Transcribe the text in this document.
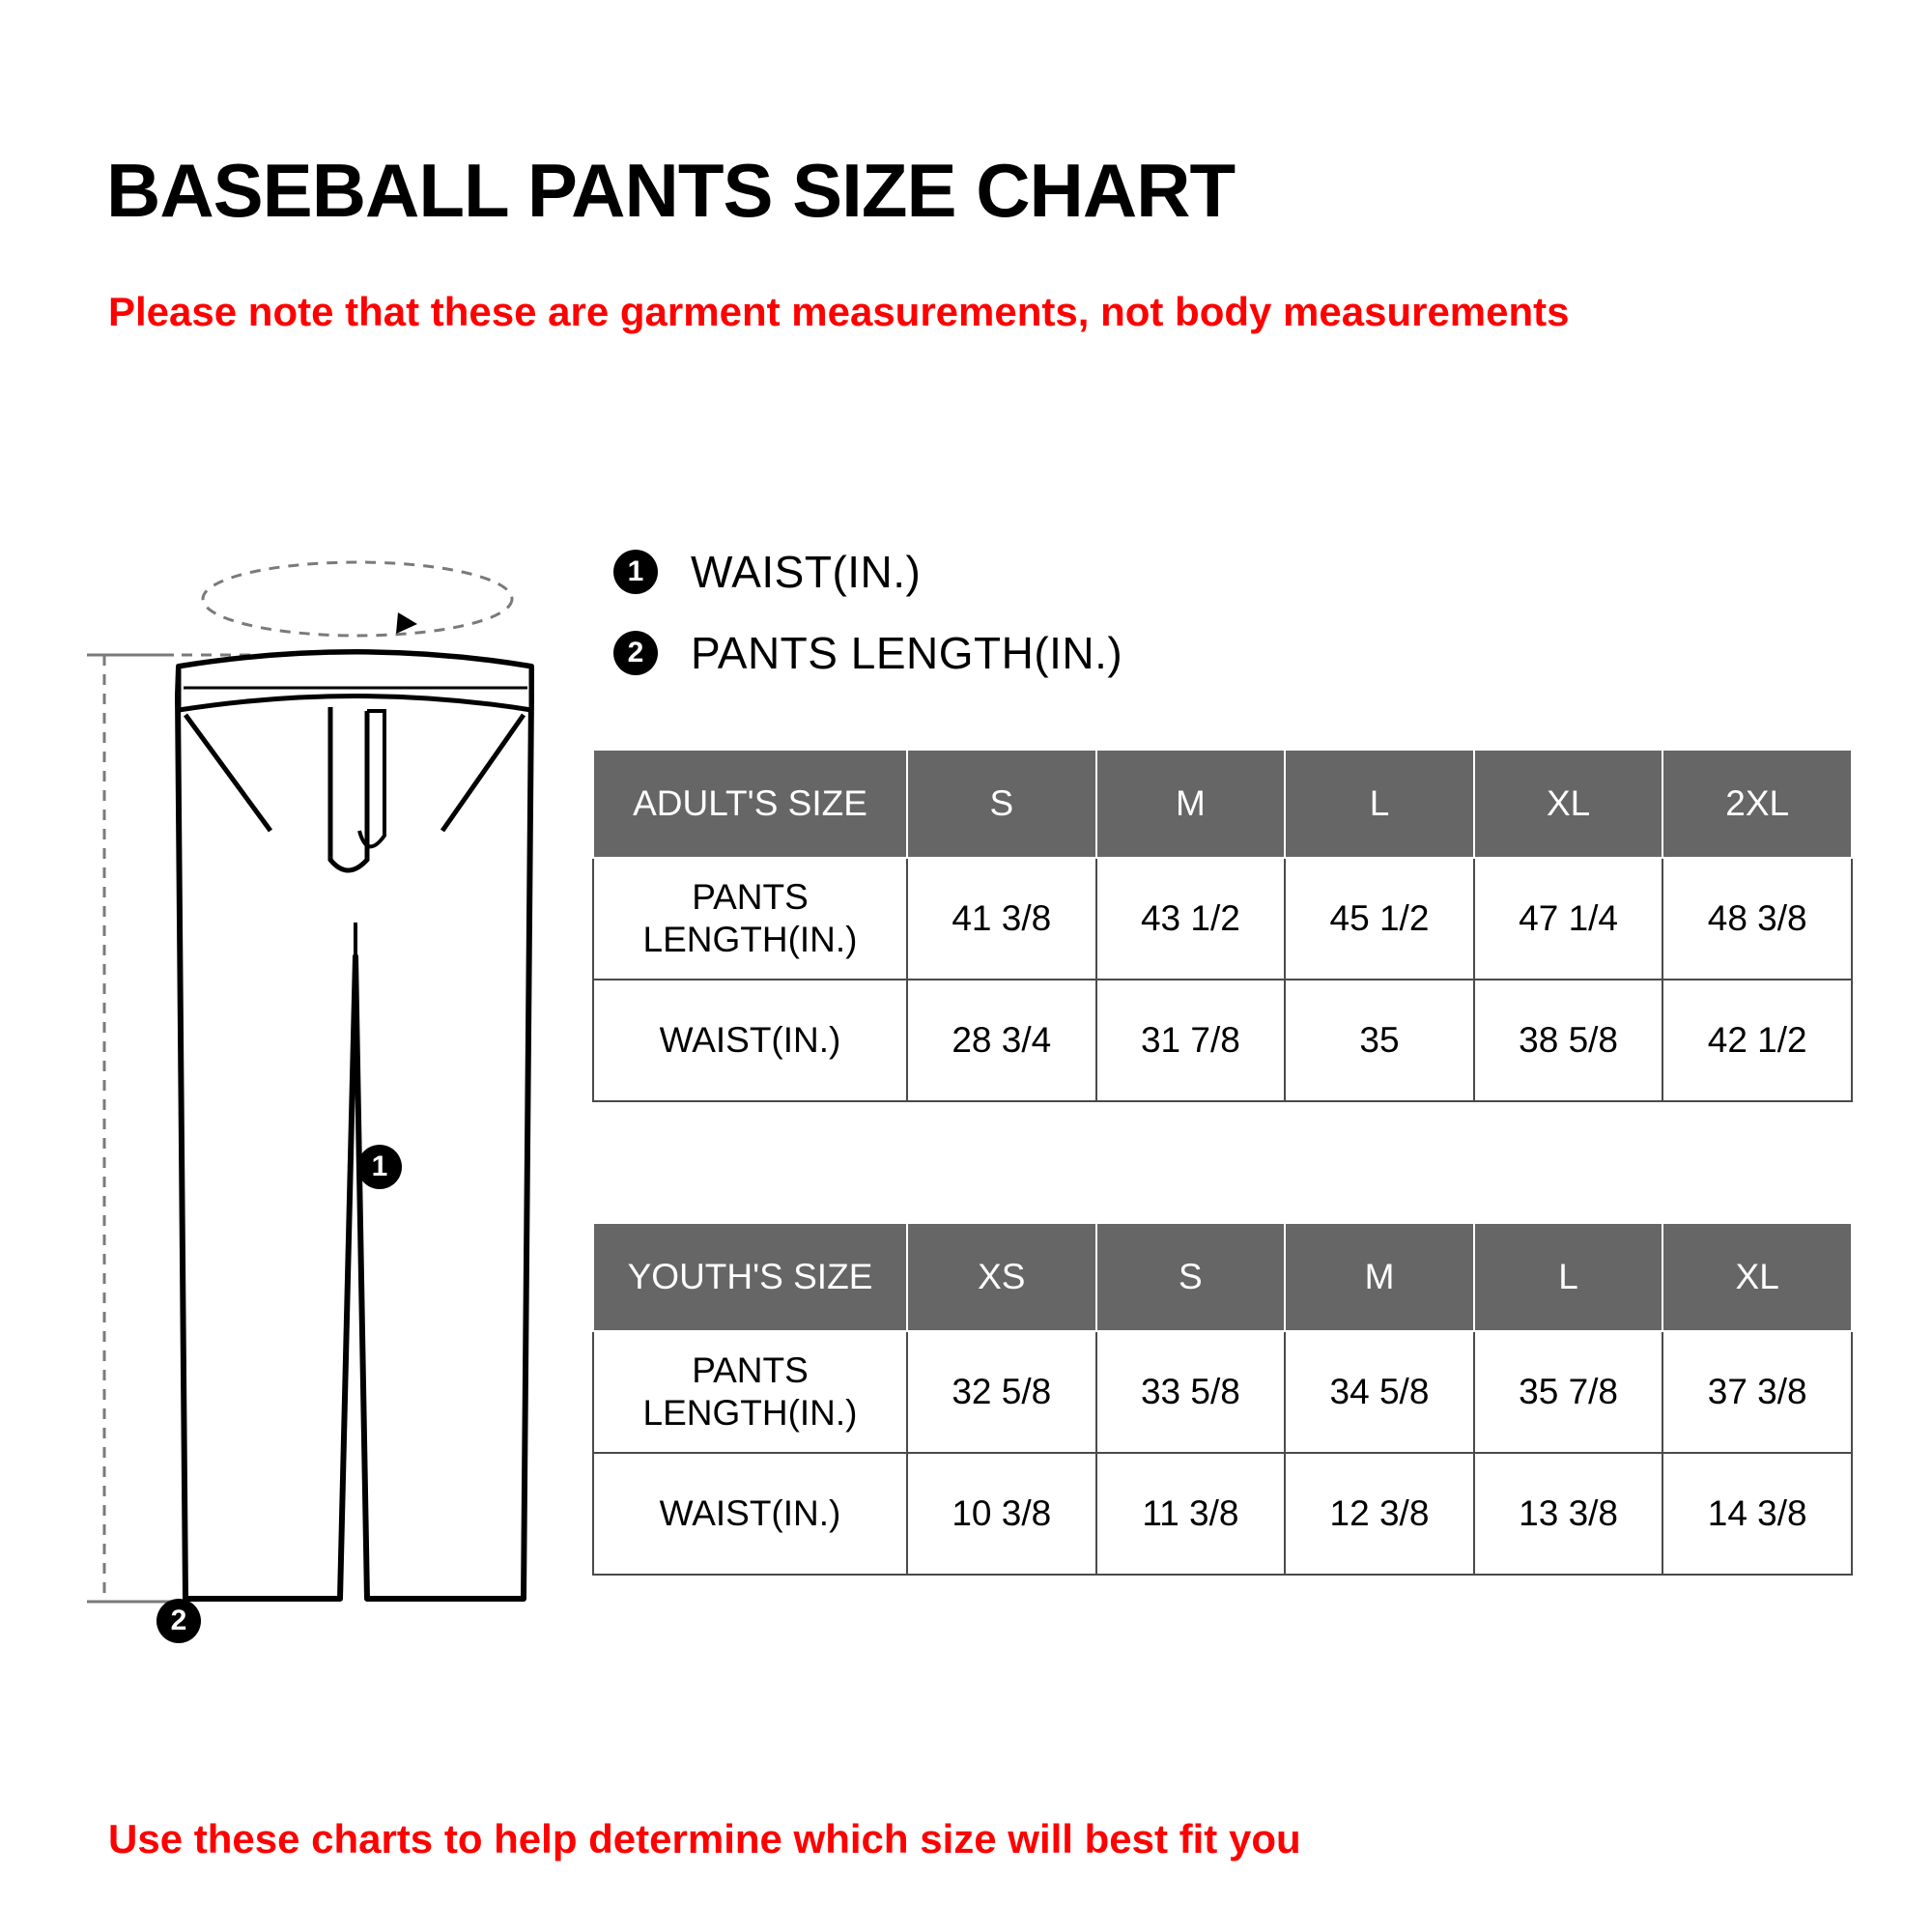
BASEBALL PANTS SIZE CHART
Please note that these are garment measurements, not body measurements
1	WAIST(IN.)
2	PANTS LENGTH(IN.)
1
2
ADULT'S SIZE	S	M	L	XL	2XL
PANTS LENGTH(IN.)	41 3/8	43 1/2	45 1/2	47 1/4	48 3/8
WAIST(IN.)	28 3/4	31 7/8	35	38 5/8	42 1/2
YOUTH'S SIZE	XS	S	M	L	XL
PANTS LENGTH(IN.)	32 5/8	33 5/8	34 5/8	35 7/8	37 3/8
WAIST(IN.)	10 3/8	11 3/8	12 3/8	13 3/8	14 3/8
Use these charts to help determine which size will best fit you
